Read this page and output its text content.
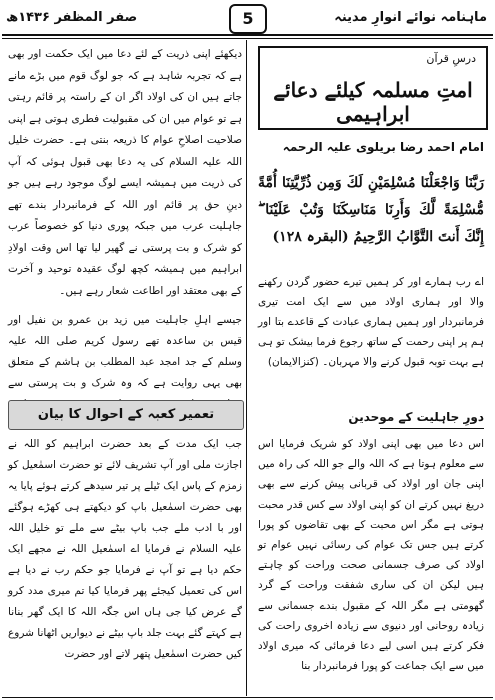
صفر المظفر ۱۴۳۶ھ	5	ماہنامہ نوائے انوارِ مدینہ
درسِ قرآن
امتِ مسلمہ کیلئے دعائے ابراہیمی
امام احمد رضا بریلوی علیہ الرحمہ
رَبَّنَا وَاجْعَلْنَا مُسْلِمَيْنِ لَكَ وَمِن ذُرِّيَّتِنَا أُمَّةً مُّسْلِمَةً لَّكَ وَأَرِنَا مَنَاسِكَنَا وَتُبْ عَلَيْنَا ۖ إِنَّكَ أَنتَ التَّوَّابُ الرَّحِيمُ (البقرہ ۱۲۸)
اے رب ہمارے اور کر ہمیں تیرے حضور گردن رکھنے والا اور ہماری اولاد میں سے ایک امت تیری فرمانبردار اور ہمیں ہماری عبادت کے قاعدے بتا اور ہم پر اپنی رحمت کے ساتھ رجوع فرما بیشک تو ہی ہے بہت توبہ قبول کرنے والا مہربان۔ (کنزالایمان)
دورِ جاہلیت کے موحدین
اس دعا میں بھی اپنی اولاد کو شریک فرمایا اس سے معلوم ہوتا ہے کہ اللہ والے جو اللہ کی راہ میں اپنی جان اور اولاد کی قربانی پیش کرنے سے بھی دریغ نہیں کرتے ان کو اپنی اولاد سے کس قدر محبت ہوتی ہے مگر اس محبت کے بھی تقاضوں کو پورا کرتے ہیں جس تک عوام کی رسائی نہیں عوام تو اولاد کی صرف جسمانی صحت وراحت کو چاہتے ہیں لیکن ان کی ساری شفقت وراحت کے گرد گھومتی ہے مگر اللہ کے مقبول بندے جسمانی سے زیادہ روحانی اور دنیوی سے زیادہ اخروی راحت کی فکر کرتے ہیں اسی لیے دعا فرمائی کہ میری اولاد میں سے ایک جماعت کو پورا فرمانبردار بنا
دیکھئے اپنی ذریت کے لئے دعا میں ایک حکمت اور بھی ہے کہ تجربہ شاہد ہے کہ جو لوگ قوم میں بڑے مانے جاتے ہیں ان کی اولاد اگر ان کے راستہ پر قائم رہتی ہے تو عوام میں ان کی مقبولیت فطری ہوتی ہے اپنی صلاحیت اصلاحِ عوام کا ذریعہ بنتی ہے۔ حضرت خلیل اللہ علیہ السلام کی یہ دعا بھی قبول ہوئی کہ آپ کی ذریت میں ہمیشہ ایسے لوگ موجود رہے ہیں جو دینِ حق پر قائم اور اللہ کے فرمانبردار بندے تھے جاہلیت عرب میں جبکہ پوری دنیا کو خصوصاً عرب کو شرک و بت پرستی نے گھیر لیا تھا اس وقت اولادِ ابراہیم میں ہمیشہ کچھ لوگ عقیدہ توحید و آخرت کے بھی معتقد اور اطاعت شعار رہے ہیں۔
جیسے اہلِ جاہلیت میں زید بن عمرو بن نفیل اور قیس بن ساعدہ تھے رسول کریم صلی اللہ علیہ وسلم کے جد امجد عبد المطلب بن ہاشم کے متعلق بھی یہی روایت ہے کہ وہ شرک و بت پرستی سے
تعمیر کعبہ کے احوال کا بیان
جب ایک مدت کے بعد حضرت ابراہیم کو اللہ نے اجازت ملی اور آپ تشریف لائے تو حضرت اسمٰعیل کو زمزم کے پاس ایک ٹیلے پر تیر سیدھے کرتے ہوئے پایا یہ بھی حضرت اسمٰعیل باپ کو دیکھتے ہی کھڑے ہوگئے اور با ادب ملے جب باپ بیٹے سے ملے تو خلیل اللہ علیہ السلام نے فرمایا اے اسمٰعیل اللہ نے مجھے ایک حکم دیا ہے تو آپ نے فرمایا جو حکم رب نے دیا ہے اس کی تعمیل کیجئے پھر فرمایا کیا تم میری مدد کرو گے عرض کیا جی ہاں اس جگہ اللہ کا ایک گھر بنانا ہے کہتے گئے بہت جلد باپ بیٹے نے دیواریں اٹھانا شروع کیں حضرت اسمٰعیل پتھر لاتے اور حضرت
